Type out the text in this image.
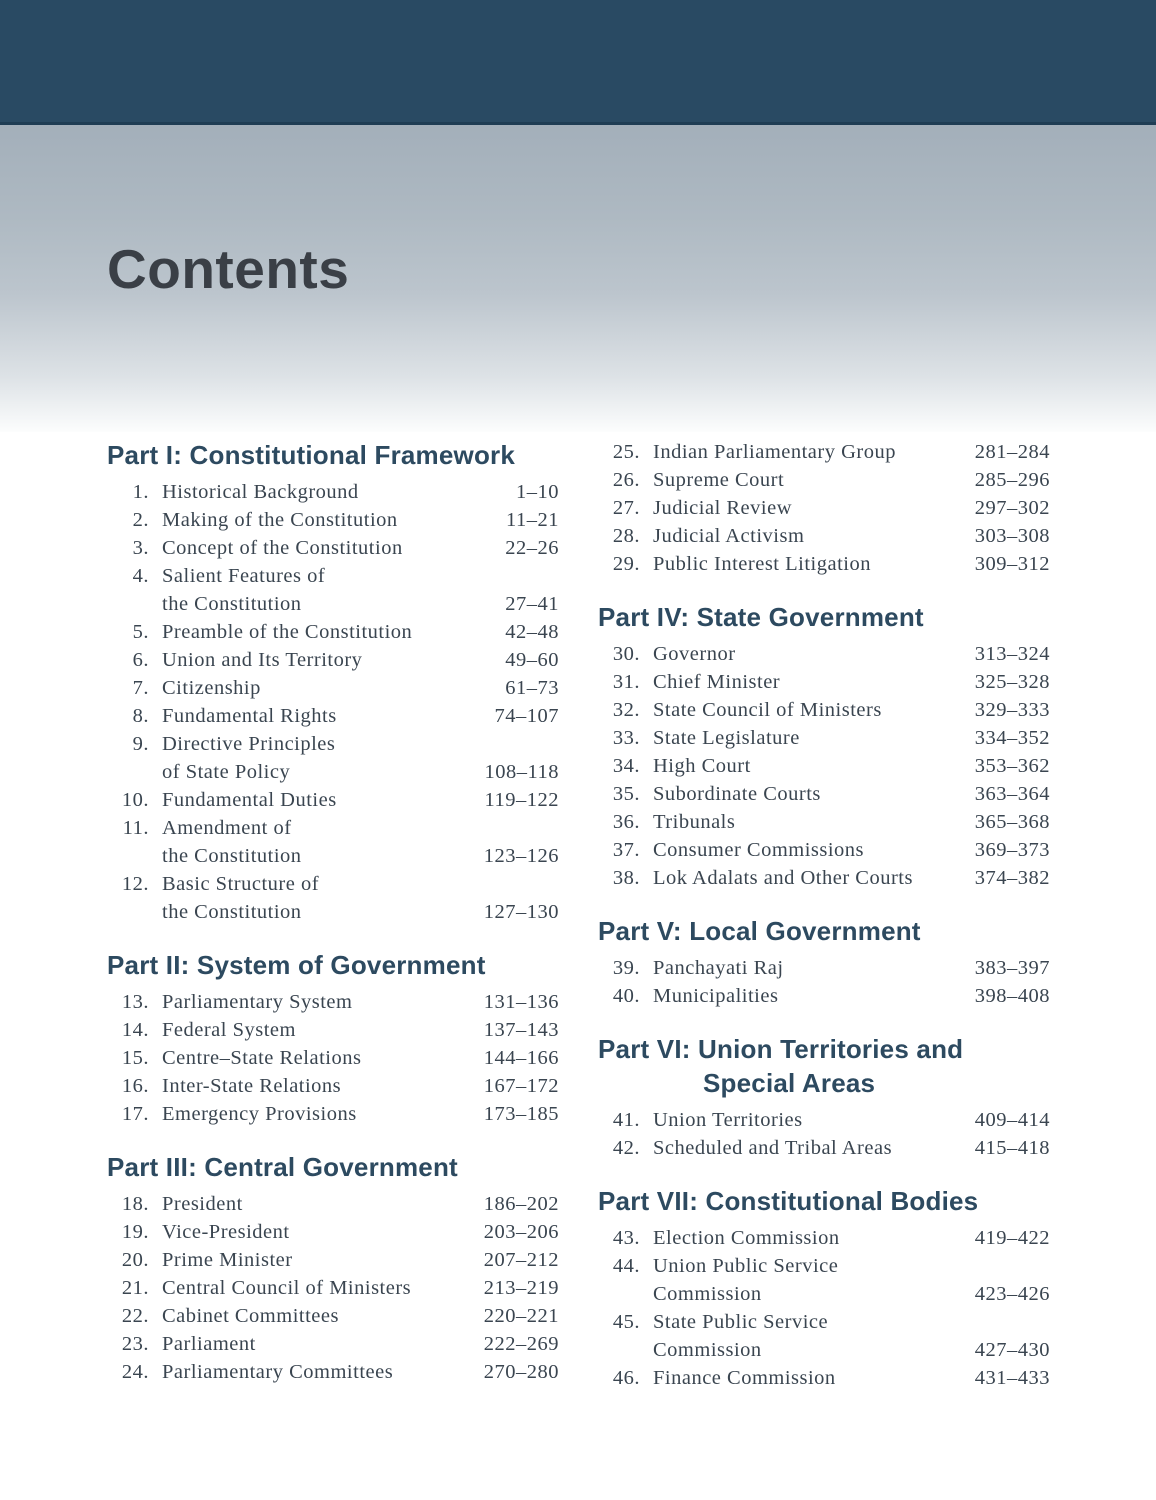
Contents
Part I: Constitutional Framework
1. Historical Background	1–10
2. Making of the Constitution	11–21
3. Concept of the Constitution	22–26
4. Salient Features of
the Constitution	27–41
5. Preamble of the Constitution	42–48
6. Union and Its Territory	49–60
7. Citizenship	61–73
8. Fundamental Rights	74–107
9. Directive Principles
of State Policy	108–118
10. Fundamental Duties	119–122
11. Amendment of
the Constitution	123–126
12. Basic Structure of
the Constitution	127–130
Part II: System of Government
13. Parliamentary System	131–136
14. Federal System	137–143
15. Centre–State Relations	144–166
16. Inter-State Relations	167–172
17. Emergency Provisions	173–185
Part III: Central Government
18. President	186–202
19. Vice-President	203–206
20. Prime Minister	207–212
21. Central Council of Ministers	213–219
22. Cabinet Committees	220–221
23. Parliament	222–269
24. Parliamentary Committees	270–280
25. Indian Parliamentary Group	281–284
26. Supreme Court	285–296
27. Judicial Review	297–302
28. Judicial Activism	303–308
29. Public Interest Litigation	309–312
Part IV: State Government
30. Governor	313–324
31. Chief Minister	325–328
32. State Council of Ministers	329–333
33. State Legislature	334–352
34. High Court	353–362
35. Subordinate Courts	363–364
36. Tribunals	365–368
37. Consumer Commissions	369–373
38. Lok Adalats and Other Courts	374–382
Part V: Local Government
39. Panchayati Raj	383–397
40. Municipalities	398–408
Part VI: Union Territories and
Special Areas
41. Union Territories	409–414
42. Scheduled and Tribal Areas	415–418
Part VII: Constitutional Bodies
43. Election Commission	419–422
44. Union Public Service
Commission	423–426
45. State Public Service
Commission	427–430
46. Finance Commission	431–433
